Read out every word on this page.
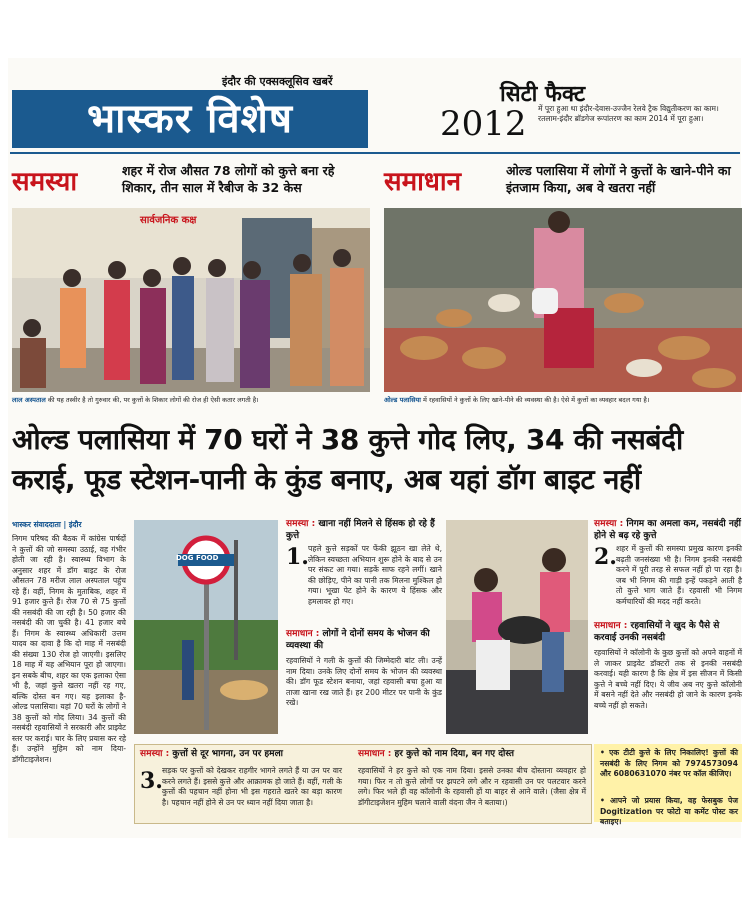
इंदौर की एक्सक्लूसिव खबरें
भास्कर विशेष
सिटी फैक्ट
2012 में पूरा हुआ था इंदौर-देवास-उज्जैन रेलवे ट्रैक विद्युतीकरण का काम। रतलाम-इंदौर ब्रॉडगेज रूपांतरण का काम 2014 में पूरा हुआ।
समस्या	शहर में रोज औसत 78 लोगों को कुत्ते बना रहे शिकार, तीन साल में रैबीज के 32 केस
सार्वजनिक कक्ष
लाल अस्पताल की यह तस्वीर है तो गुरुवार की, पर कुत्तों के शिकार लोगों की रोज ही ऐसी कतार लगती है।
समाधान	ओल्ड पलासिया में लोगों ने कुत्तों के खाने-पीने का इंतजाम किया, अब वे खतरा नहीं
ओल्ड पलासिया में रहवासियों ने कुत्तों के लिए खाने-पीने की व्यवस्था की है। ऐसे में कुत्तों का व्यवहार बदल गया है।
ओल्ड पलासिया में 70 घरों ने 38 कुत्ते गोद लिए, 34 की नसबंदी
कराई, फूड स्टेशन-पानी के कुंड बनाए, अब यहां डॉग बाइट नहीं
भास्कर संवाददाता | इंदौर
निगम परिषद की बैठक में कांग्रेस पार्षदों ने कुत्तों की जो समस्या उठाई, वह गंभीर होती जा रही है। स्वास्थ्य विभाग के अनुसार शहर में डॉग बाइट के रोज औसतन 78 मरीज लाल अस्पताल पहुंच रहे हैं। वहीं, निगम के मुताबिक, शहर में 91 हजार कुत्ते हैं। रोज 70 से 75 कुत्तों की नसबंदी की जा रही है। 50 हजार की नसबंदी की जा चुकी है। 41 हजार बचे हैं। निगम के स्वास्थ्य अधिकारी उत्तम यादव का दावा है कि दो माह में नसबंदी की संख्या 130 रोज हो जाएगी। इसलिए 18 माह में यह अभियान पूरा हो जाएगा। इन सबके बीच, शहर का एक इलाका ऐसा भी है, जहां कुत्ते खतरा नहीं रह गए, बल्कि दोस्त बन गए। यह इलाका है- ओल्ड पलासिया। यहां 70 घरों के लोगों ने 38 कुत्तों को गोद लिया। 34 कुत्तों की नसबंदी रहवासियों ने सरकारी और प्राइवेट स्तर पर कराई। चार के लिए प्रयास कर रहे हैं। उन्होंने मुहिम को नाम दिया- डॉगीटाइजेशन।
DOG FOOD
समस्या : खाना नहीं मिलने से हिंसक हो रहे हैं कुत्ते
1. पहले कुत्ते सड़कों पर फेंकी झूठन खा लेते थे, लेकिन स्वच्छता अभियान शुरू होने के बाद से उन पर संकट आ गया। सड़कें साफ रहने लगीं। खाने की छोड़िए, पीने का पानी तक मिलना मुश्किल हो गया। भूखा पेट होने के कारण ये हिंसक और हमलावर हो गए।
समाधान : लोगों ने दोनों समय के भोजन की व्यवस्था की
रहवासियों ने गली के कुत्तों की जिम्मेदारी बांट ली। उन्हें नाम दिया। उनके लिए दोनों समय के भोजन की व्यवस्था की। डॉग फूड स्टेशन बनाया, जहां रहवासी बचा हुआ या ताजा खाना रख जाते हैं। हर 200 मीटर पर पानी के कुंड रखे।
समस्या : निगम का अमला कम, नसबंदी नहीं होने से बढ़ रहे कुत्ते
2. शहर में कुत्तों की समस्या प्रमुख कारण इनकी बढ़ती जनसंख्या भी है। निगम इनकी नसबंदी करने में पूरी तरह से सफल नहीं हो पा रहा है। जब भी निगम की गाड़ी इन्हें पकड़ने आती है तो कुत्ते भाग जाते हैं। रहवासी भी निगम कर्मचारियों की मदद नहीं करते।
समाधान : रहवासियों ने खुद के पैसे से करवाई उनकी नसबंदी
रहवासियों ने कॉलोनी के कुछ कुत्तों को अपने वाहनों में ले जाकर प्राइवेट डॉक्टरों तक से इनकी नसबंदी करवाई। यही कारण है कि क्षेत्र में इस सीजन में किसी कुत्ते ने बच्चे नहीं दिए। ये जीव अब नए कुत्ते कॉलोनी में बसने नहीं देते और नसबंदी हो जाने के कारण इनके बच्चे नहीं हो सकते।
समस्या : कुत्तों से दूर भागना, उन पर हमला
3. सड़क पर कुत्तों को देखकर राहगीर भागने लगते हैं या उन पर वार करने लगते हैं। इससे कुत्ते और आक्रामक हो जाते हैं। वहीं, गली के कुत्तों की पहचान नहीं होना भी इस गहराते खतरे का बड़ा कारण है। पहचान नहीं होने से उन पर ध्यान नहीं दिया जाता है।
समाधान : हर कुत्ते को नाम दिया, बन गए दोस्त
रहवासियों ने हर कुत्ते को एक नाम दिया। इससे उनका बीच दोस्ताना व्यवहार हो गया। फिर न तो कुत्ते लोगों पर झपटने लगे और न रहवासी उन पर पलटवार करने लगे। फिर भले ही वह कॉलोनी के रहवासी हों या बाहर से आने वाले। (जैसा क्षेत्र में डॉगीटाइजेशन मुहिम चलाने वाली वंदना जैन ने बताया।)
• एक टीटी कुत्ते के लिए निकालिए! कुत्तों की नसबंदी के लिए निगम को 7974573094 और 6080631070 नंबर पर कॉल कीजिए।
• आपने जो प्रयास किया, वह फेसबुक पेज Dogitization पर फोटो या कमेंट पोस्ट कर बताइए।
